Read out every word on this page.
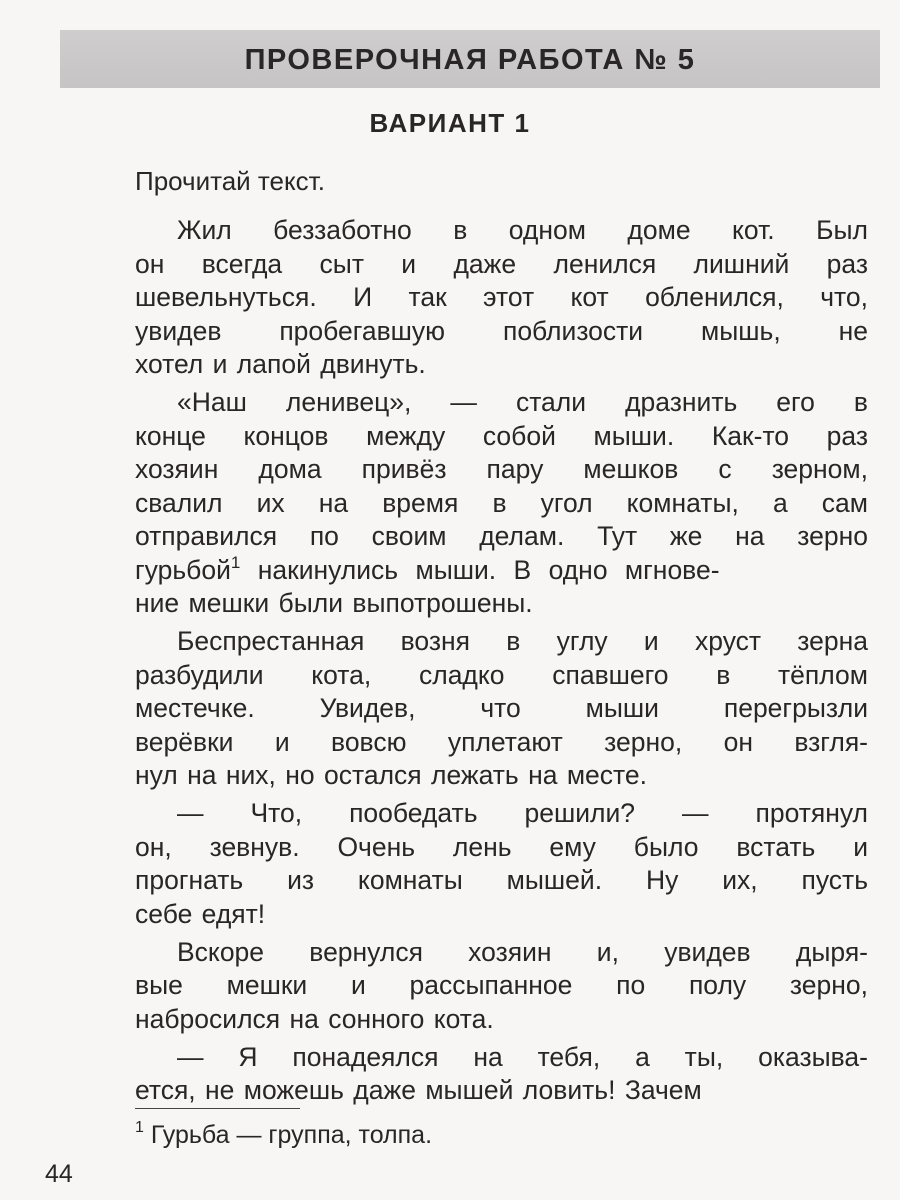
ПРОВЕРОЧНАЯ РАБОТА № 5
ВАРИАНТ 1
Прочитай текст.
Жил беззаботно в одном доме кот. Был
он всегда сыт и даже ленился лишний раз
шевельнуться. И так этот кот обленился, что,
увидев пробегавшую поблизости мышь, не
хотел и лапой двинуть.
«Наш ленивец», — стали дразнить его в
конце концов между собой мыши. Как-то раз
хозяин дома привёз пару мешков с зерном,
свалил их на время в угол комнаты, а сам
отправился по своим делам. Тут же на зерно
гурьбой$^1$ накинулись мыши. В одно мгнове-
ние мешки были выпотрошены.
Беспрестанная возня в углу и хруст зерна
разбудили кота, сладко спавшего в тёплом
местечке. Увидев, что мыши перегрызли
верёвки и вовсю уплетают зерно, он взгля-
нул на них, но остался лежать на месте.
— Что, пообедать решили? — протянул
он, зевнув. Очень лень ему было встать и
прогнать из комнаты мышей. Ну их, пусть
себе едят!
Вскоре вернулся хозяин и, увидев дыря-
вые мешки и рассыпанное по полу зерно,
набросился на сонного кота.
— Я понадеялся на тебя, а ты, оказыва-
ется, не можешь даже мышей ловить! Зачем
$^1$ Гурьба — группа, толпа.
44
